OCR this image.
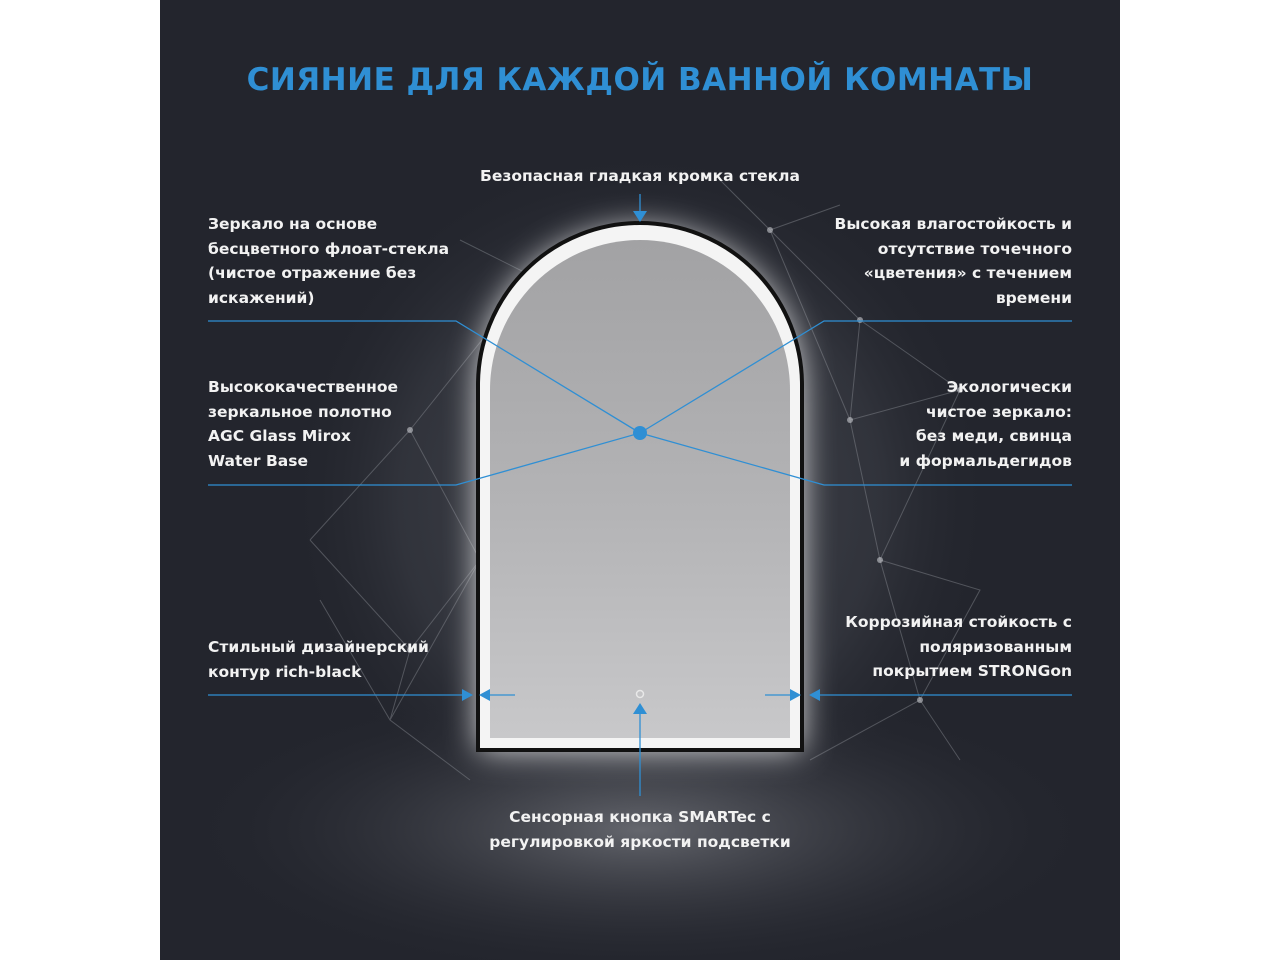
СИЯНИЕ ДЛЯ КАЖДОЙ ВАННОЙ КОМНАТЫ
Безопасная гладкая кромка стекла
Зеркало на основе
бесцветного флоат-стекла
(чистое отражение без
искажений)
Высокая влагостойкость и
отсутствие точечного
«цветения» с течением
времени
Высококачественное
зеркальное полотно
AGC Glass Mirox
Water Base
Экологически
чистое зеркало:
без меди, свинца
и формальдегидов
Стильный дизайнерский
контур rich-black
Коррозийная стойкость с
поляризованным
покрытием STRONGon
Сенсорная кнопка SMARTec с
регулировкой яркости подсветки
